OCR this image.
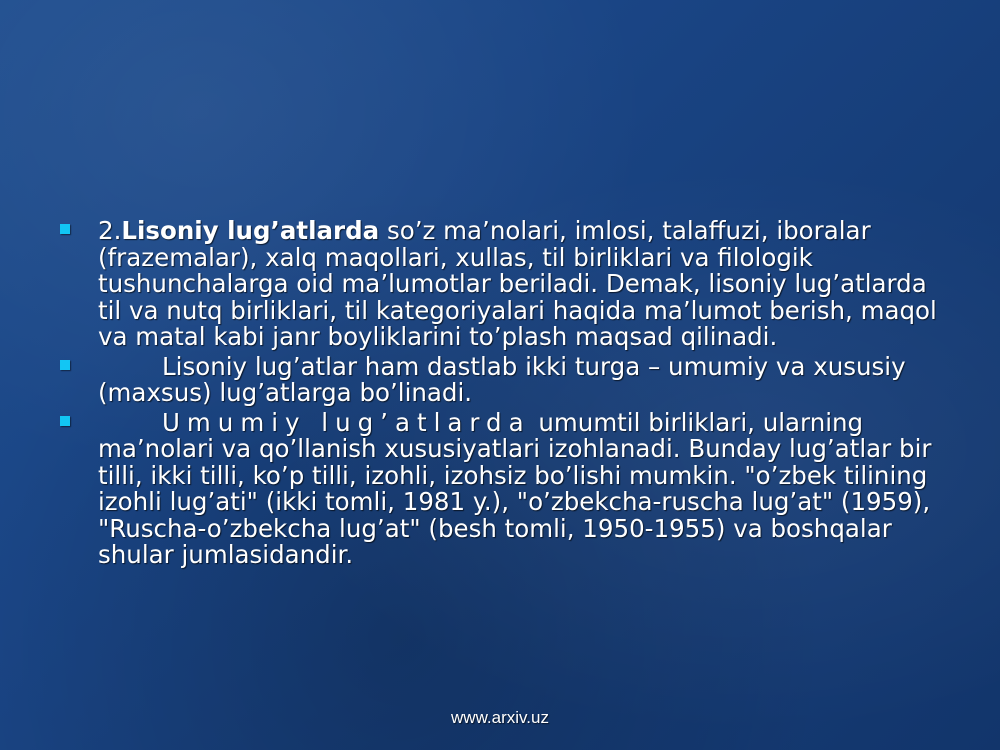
2.Lisoniy lug’atlarda so’z ma’nolari, imlosi, talaffuzi, iboralar (frazemalar), xalq maqollari, xullas, til birliklari va filologik tushunchalarga oid ma’lumotlar beriladi. Demak, lisoniy lug’atlarda til va nutq birliklari, til kategoriyalari haqida ma’lumot berish, maqol va matal kabi janr boyliklarini to’plash maqsad qilinadi.
Lisoniy lug’atlar ham dastlab ikki turga – umumiy va xususiy (maxsus) lug’atlarga bo’linadi.
Umumiy lug’atlarda umumtil birliklari, ularning ma’nolari va qo’llanish xususiyatlari izohlanadi. Bunday lug’atlar bir tilli, ikki tilli, ko’p tilli, izohli, izohsiz bo’lishi mumkin. "o’zbek tilining izohli lug’ati" (ikki tomli, 1981 y.), "o’zbekcha-ruscha lug’at" (1959), "Ruscha-o’zbekcha lug’at" (besh tomli, 1950-1955) va boshqalar shular jumlasidandir.
www.arxiv.uz
